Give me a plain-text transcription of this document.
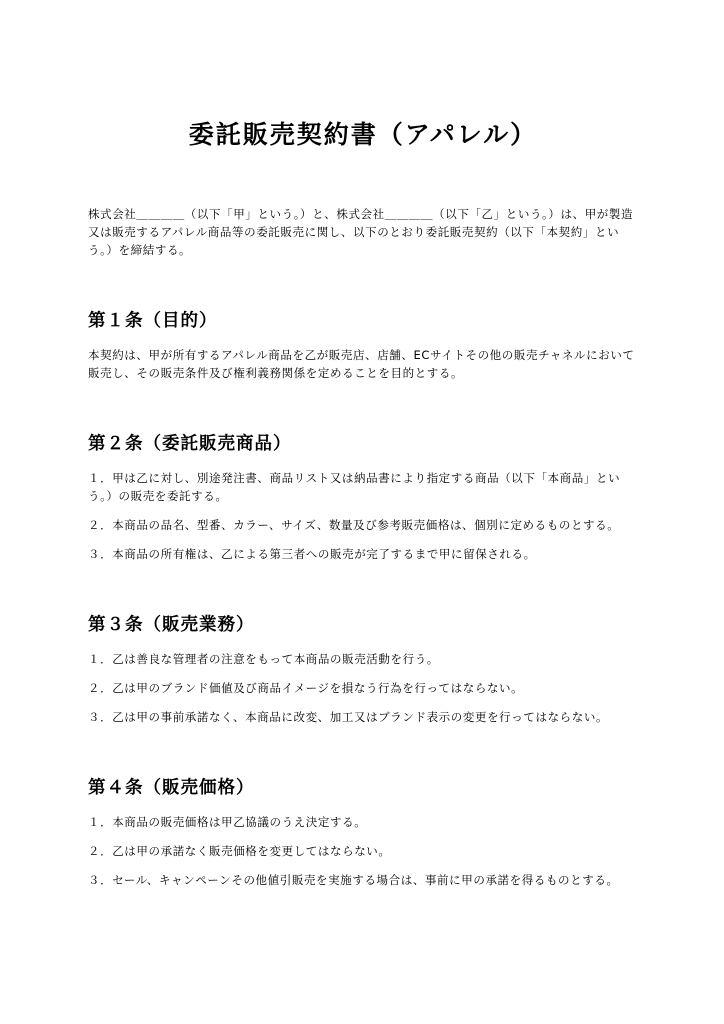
委託販売契約書（アパレル）

株式会社＿＿＿＿（以下「甲」という。）と、株式会社＿＿＿＿（以下「乙」という。）は、甲が製造又は販売するアパレル商品等の委託販売に関し、以下のとおり委託販売契約（以下「本契約」という。）を締結する。

第１条（目的）

本契約は、甲が所有するアパレル商品を乙が販売店、店舗、ECサイトその他の販売チャネルにおいて販売し、その販売条件及び権利義務関係を定めることを目的とする。

第２条（委託販売商品）

１．甲は乙に対し、別途発注書、商品リスト又は納品書により指定する商品（以下「本商品」という。）の販売を委託する。

２．本商品の品名、型番、カラー、サイズ、数量及び参考販売価格は、個別に定めるものとする。

３．本商品の所有権は、乙による第三者への販売が完了するまで甲に留保される。

第３条（販売業務）

１．乙は善良な管理者の注意をもって本商品の販売活動を行う。

２．乙は甲のブランド価値及び商品イメージを損なう行為を行ってはならない。

３．乙は甲の事前承諾なく、本商品に改変、加工又はブランド表示の変更を行ってはならない。

第４条（販売価格）

１．本商品の販売価格は甲乙協議のうえ決定する。

２．乙は甲の承諾なく販売価格を変更してはならない。

３．セール、キャンペーンその他値引販売を実施する場合は、事前に甲の承諾を得るものとする。
